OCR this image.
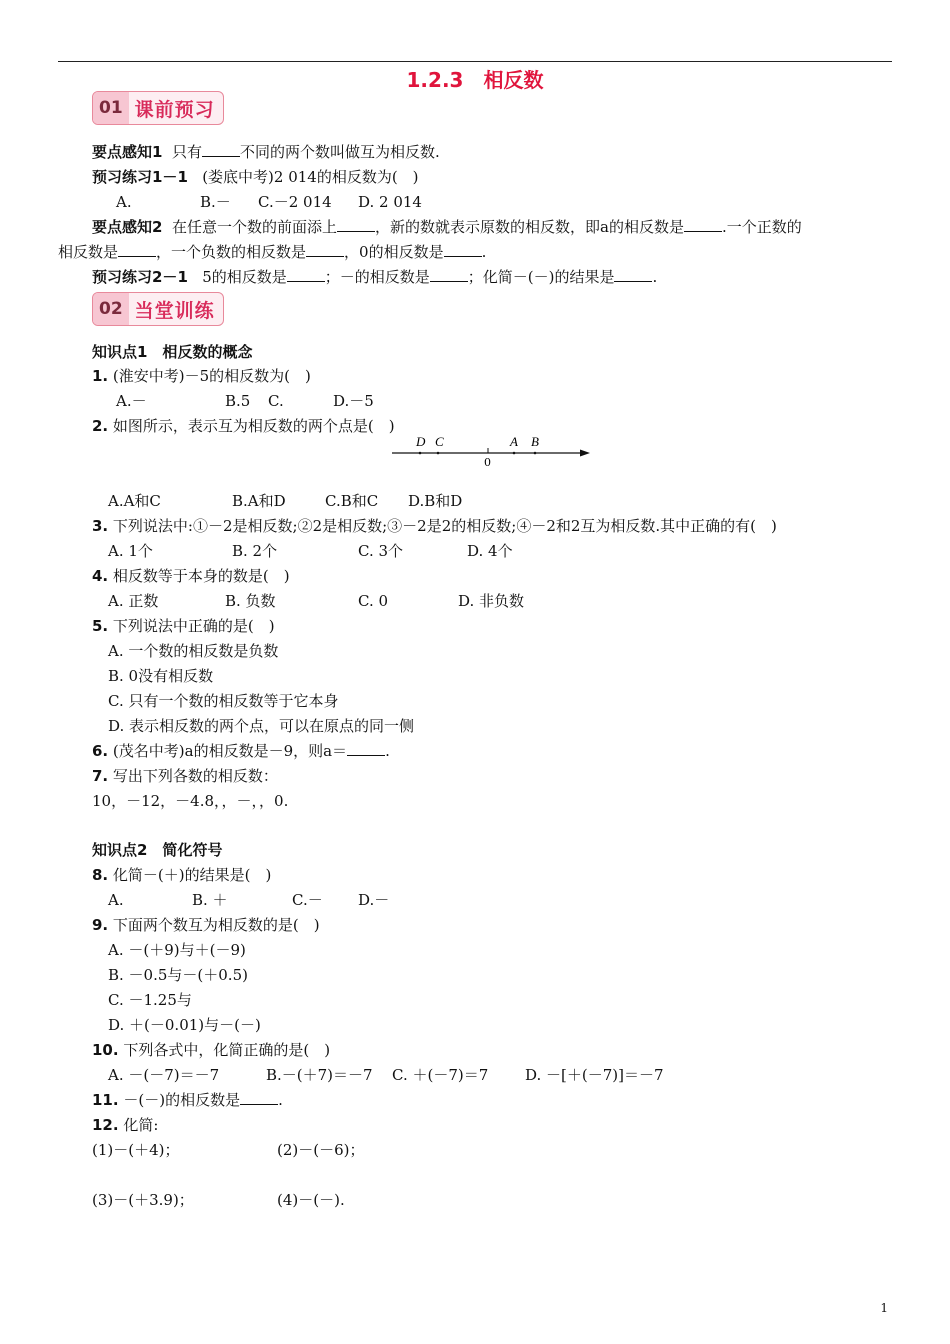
1.2.3　相反数
01 课前预习
要点感知1 只有	不同的两个数叫做互为相反数.
预习练习1－1 (娄底中考)2 014的相反数为(　)
A.	B.－ C.－2 014 D. 2 014
要点感知2 在任意一个数的前面添上	，新的数就表示原数的相反数，即a的相反数是	.一个正数的
相反数是	，一个负数的相反数是	，0的相反数是	.
预习练习2－1 5的相反数是	；－的相反数是	；化简－(－)的结果是	.
02 当堂训练
知识点1　相反数的概念
1. (淮安中考)－5的相反数为(　)
A.－	B.5 C.	D.－5
2. 如图所示，表示互为相反数的两个点是(　)
D C	A B
0
A.A和C	B.A和D	C.B和C D.B和D
3. 下列说法中:①－2是相反数;②2是相反数;③－2是2的相反数;④－2和2互为相反数.其中正确的有(　)
A. 1个	B. 2个	C. 3个	D. 4个
4. 相反数等于本身的数是(　)
A. 正数	B. 负数	C. 0	D. 非负数
5. 下列说法中正确的是(　)
A. 一个数的相反数是负数
B. 0没有相反数
C. 只有一个数的相反数等于它本身
D. 表示相反数的两个点，可以在原点的同一侧
6. (茂名中考)a的相反数是－9，则a＝	.
7. 写出下列各数的相反数：
10，－12，－4.8，，－，，0.
知识点2　简化符号
8. 化简－(＋)的结果是(　)
A.	B. ＋	C.－ D.－
9. 下面两个数互为相反数的是(　)
A. －(＋9)与＋(－9)
B. －0.5与－(＋0.5)
C. －1.25与
D. ＋(－0.01)与－(－)
10. 下列各式中，化简正确的是(　)
A. －(－7)＝－7	B.－(＋7)＝－7 C. ＋(－7)＝7 D. －[＋(－7)]＝－7
11. －(－)的相反数是	.
12. 化简:
(1)－(＋4)；	(2)－(－6)；
(3)－(＋3.9)；	(4)－(－).
1
